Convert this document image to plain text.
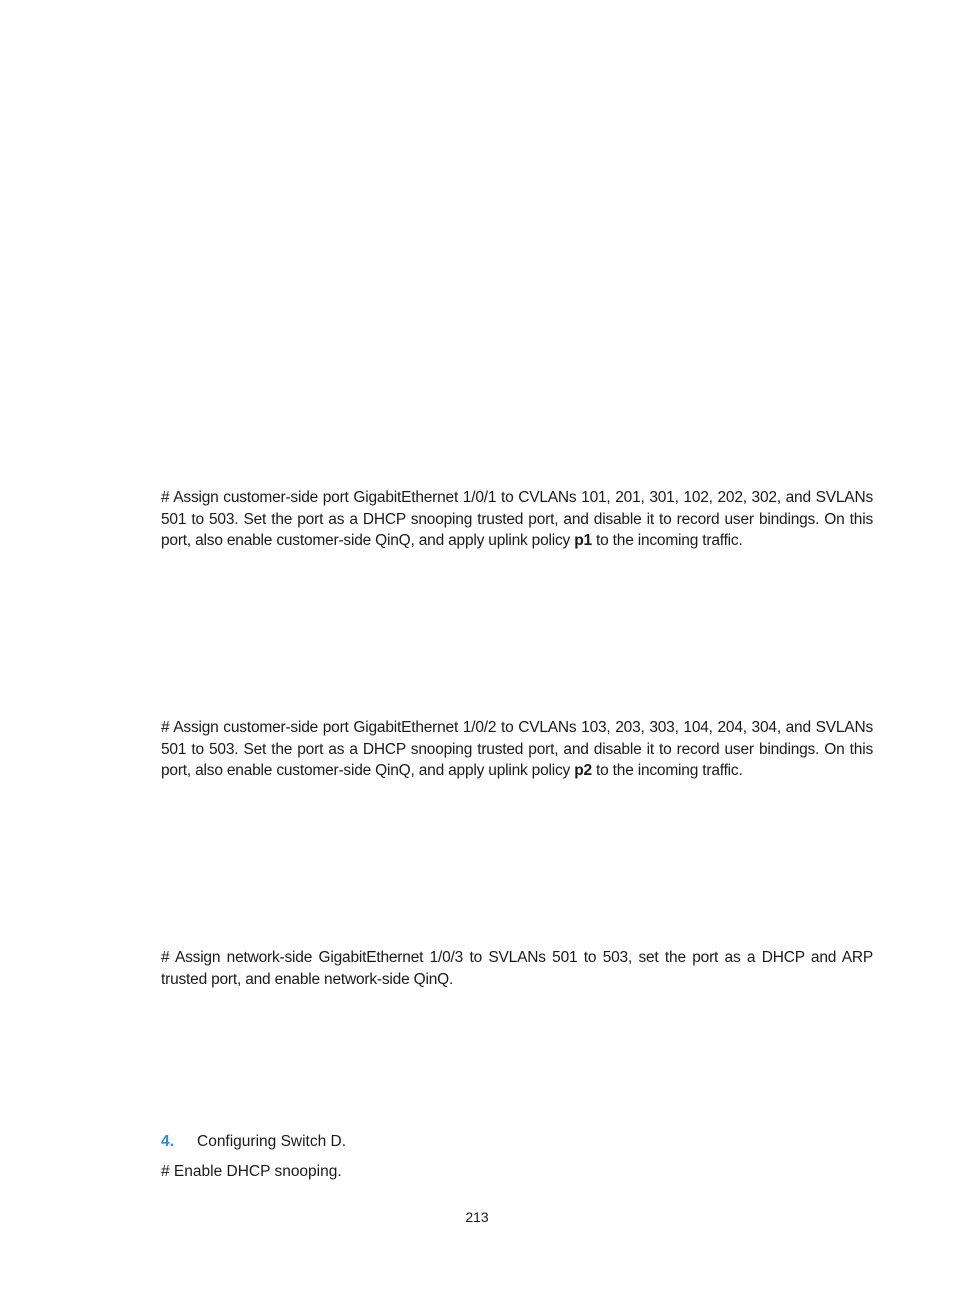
# Assign customer-side port GigabitEthernet 1/0/1 to CVLANs 101, 201, 301, 102, 202, 302, and SVLANs 501 to 503. Set the port as a DHCP snooping trusted port, and disable it to record user bindings. On this port, also enable customer-side QinQ, and apply uplink policy p1 to the incoming traffic.

# Assign customer-side port GigabitEthernet 1/0/2 to CVLANs 103, 203, 303, 104, 204, 304, and SVLANs 501 to 503. Set the port as a DHCP snooping trusted port, and disable it to record user bindings. On this port, also enable customer-side QinQ, and apply uplink policy p2 to the incoming traffic.

# Assign network-side GigabitEthernet 1/0/3 to SVLANs 501 to 503, set the port as a DHCP and ARP trusted port, and enable network-side QinQ.

4. Configuring Switch D.

# Enable DHCP snooping.

213
